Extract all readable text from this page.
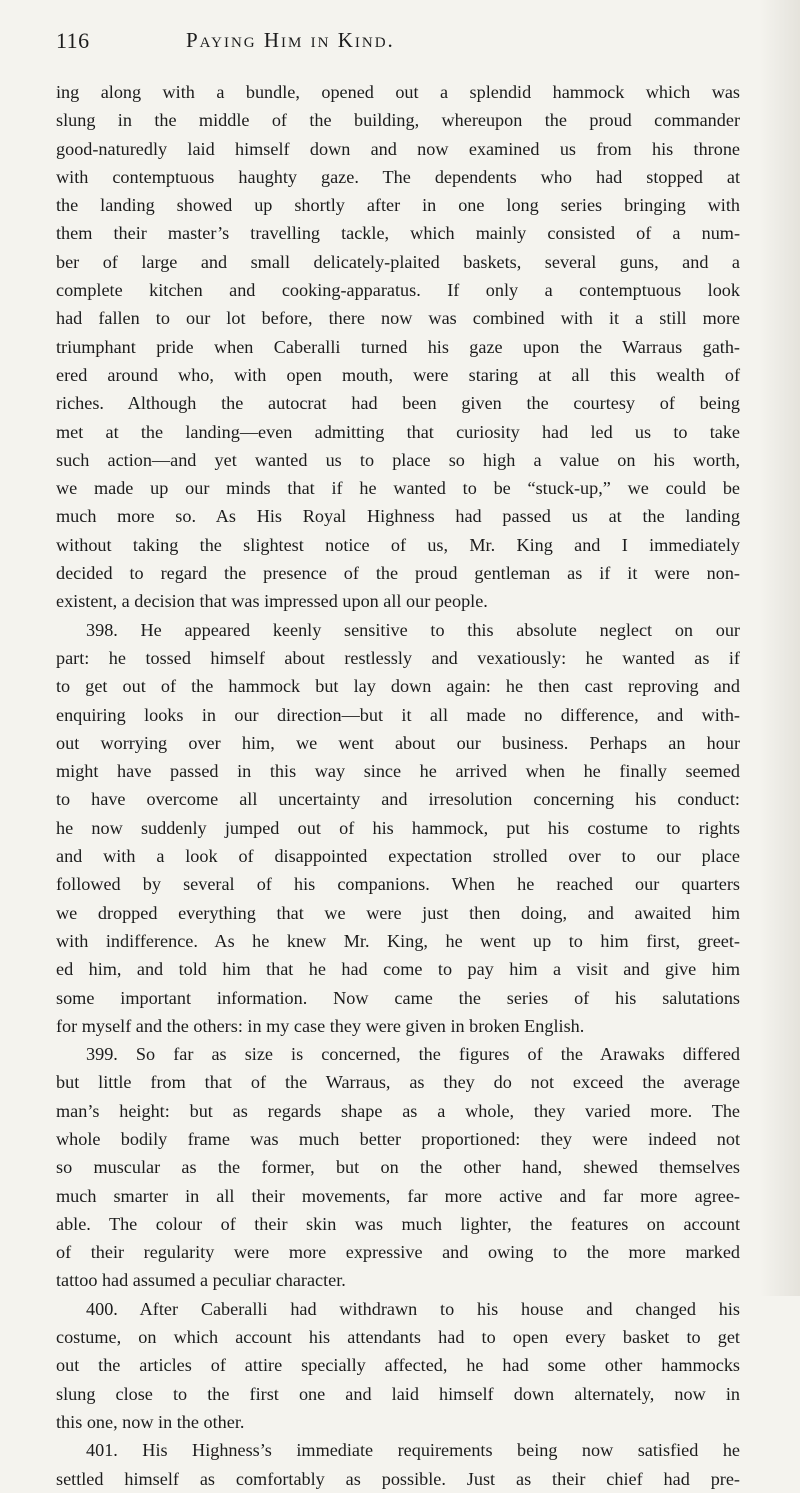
116	Paying Him in Kind.
ing along with a bundle, opened out a splendid hammock which was
slung in the middle of the building, whereupon the proud commander
good-naturedly laid himself down and now examined us from his throne
with contemptuous haughty gaze. The dependents who had stopped at
the landing showed up shortly after in one long series bringing with
them their master’s travelling tackle, which mainly consisted of a num-
ber of large and small delicately-plaited baskets, several guns, and a
complete kitchen and cooking-apparatus. If only a contemptuous look
had fallen to our lot before, there now was combined with it a still more
triumphant pride when Caberalli turned his gaze upon the Warraus gath-
ered around who, with open mouth, were staring at all this wealth of
riches. Although the autocrat had been given the courtesy of being
met at the landing—even admitting that curiosity had led us to take
such action—and yet wanted us to place so high a value on his worth,
we made up our minds that if he wanted to be “stuck-up,” we could be
much more so. As His Royal Highness had passed us at the landing
without taking the slightest notice of us, Mr. King and I immediately
decided to regard the presence of the proud gentleman as if it were non-
existent, a decision that was impressed upon all our people.
398. He appeared keenly sensitive to this absolute neglect on our
part: he tossed himself about restlessly and vexatiously: he wanted as if
to get out of the hammock but lay down again: he then cast reproving and
enquiring looks in our direction—but it all made no difference, and with-
out worrying over him, we went about our business. Perhaps an hour
might have passed in this way since he arrived when he finally seemed
to have overcome all uncertainty and irresolution concerning his conduct:
he now suddenly jumped out of his hammock, put his costume to rights
and with a look of disappointed expectation strolled over to our place
followed by several of his companions. When he reached our quarters
we dropped everything that we were just then doing, and awaited him
with indifference. As he knew Mr. King, he went up to him first, greet-
ed him, and told him that he had come to pay him a visit and give him
some important information. Now came the series of his salutations
for myself and the others: in my case they were given in broken English.
399. So far as size is concerned, the figures of the Arawaks differed
but little from that of the Warraus, as they do not exceed the average
man’s height: but as regards shape as a whole, they varied more. The
whole bodily frame was much better proportioned: they were indeed not
so muscular as the former, but on the other hand, shewed themselves
much smarter in all their movements, far more active and far more agree-
able. The colour of their skin was much lighter, the features on account
of their regularity were more expressive and owing to the more marked
tattoo had assumed a peculiar character.
400. After Caberalli had withdrawn to his house and changed his
costume, on which account his attendants had to open every basket to get
out the articles of attire specially affected, he had some other hammocks
slung close to the first one and laid himself down alternately, now in
this one, now in the other.
401. His Highness’s immediate requirements being now satisfied he
settled himself as comfortably as possible. Just as their chief had pre-
